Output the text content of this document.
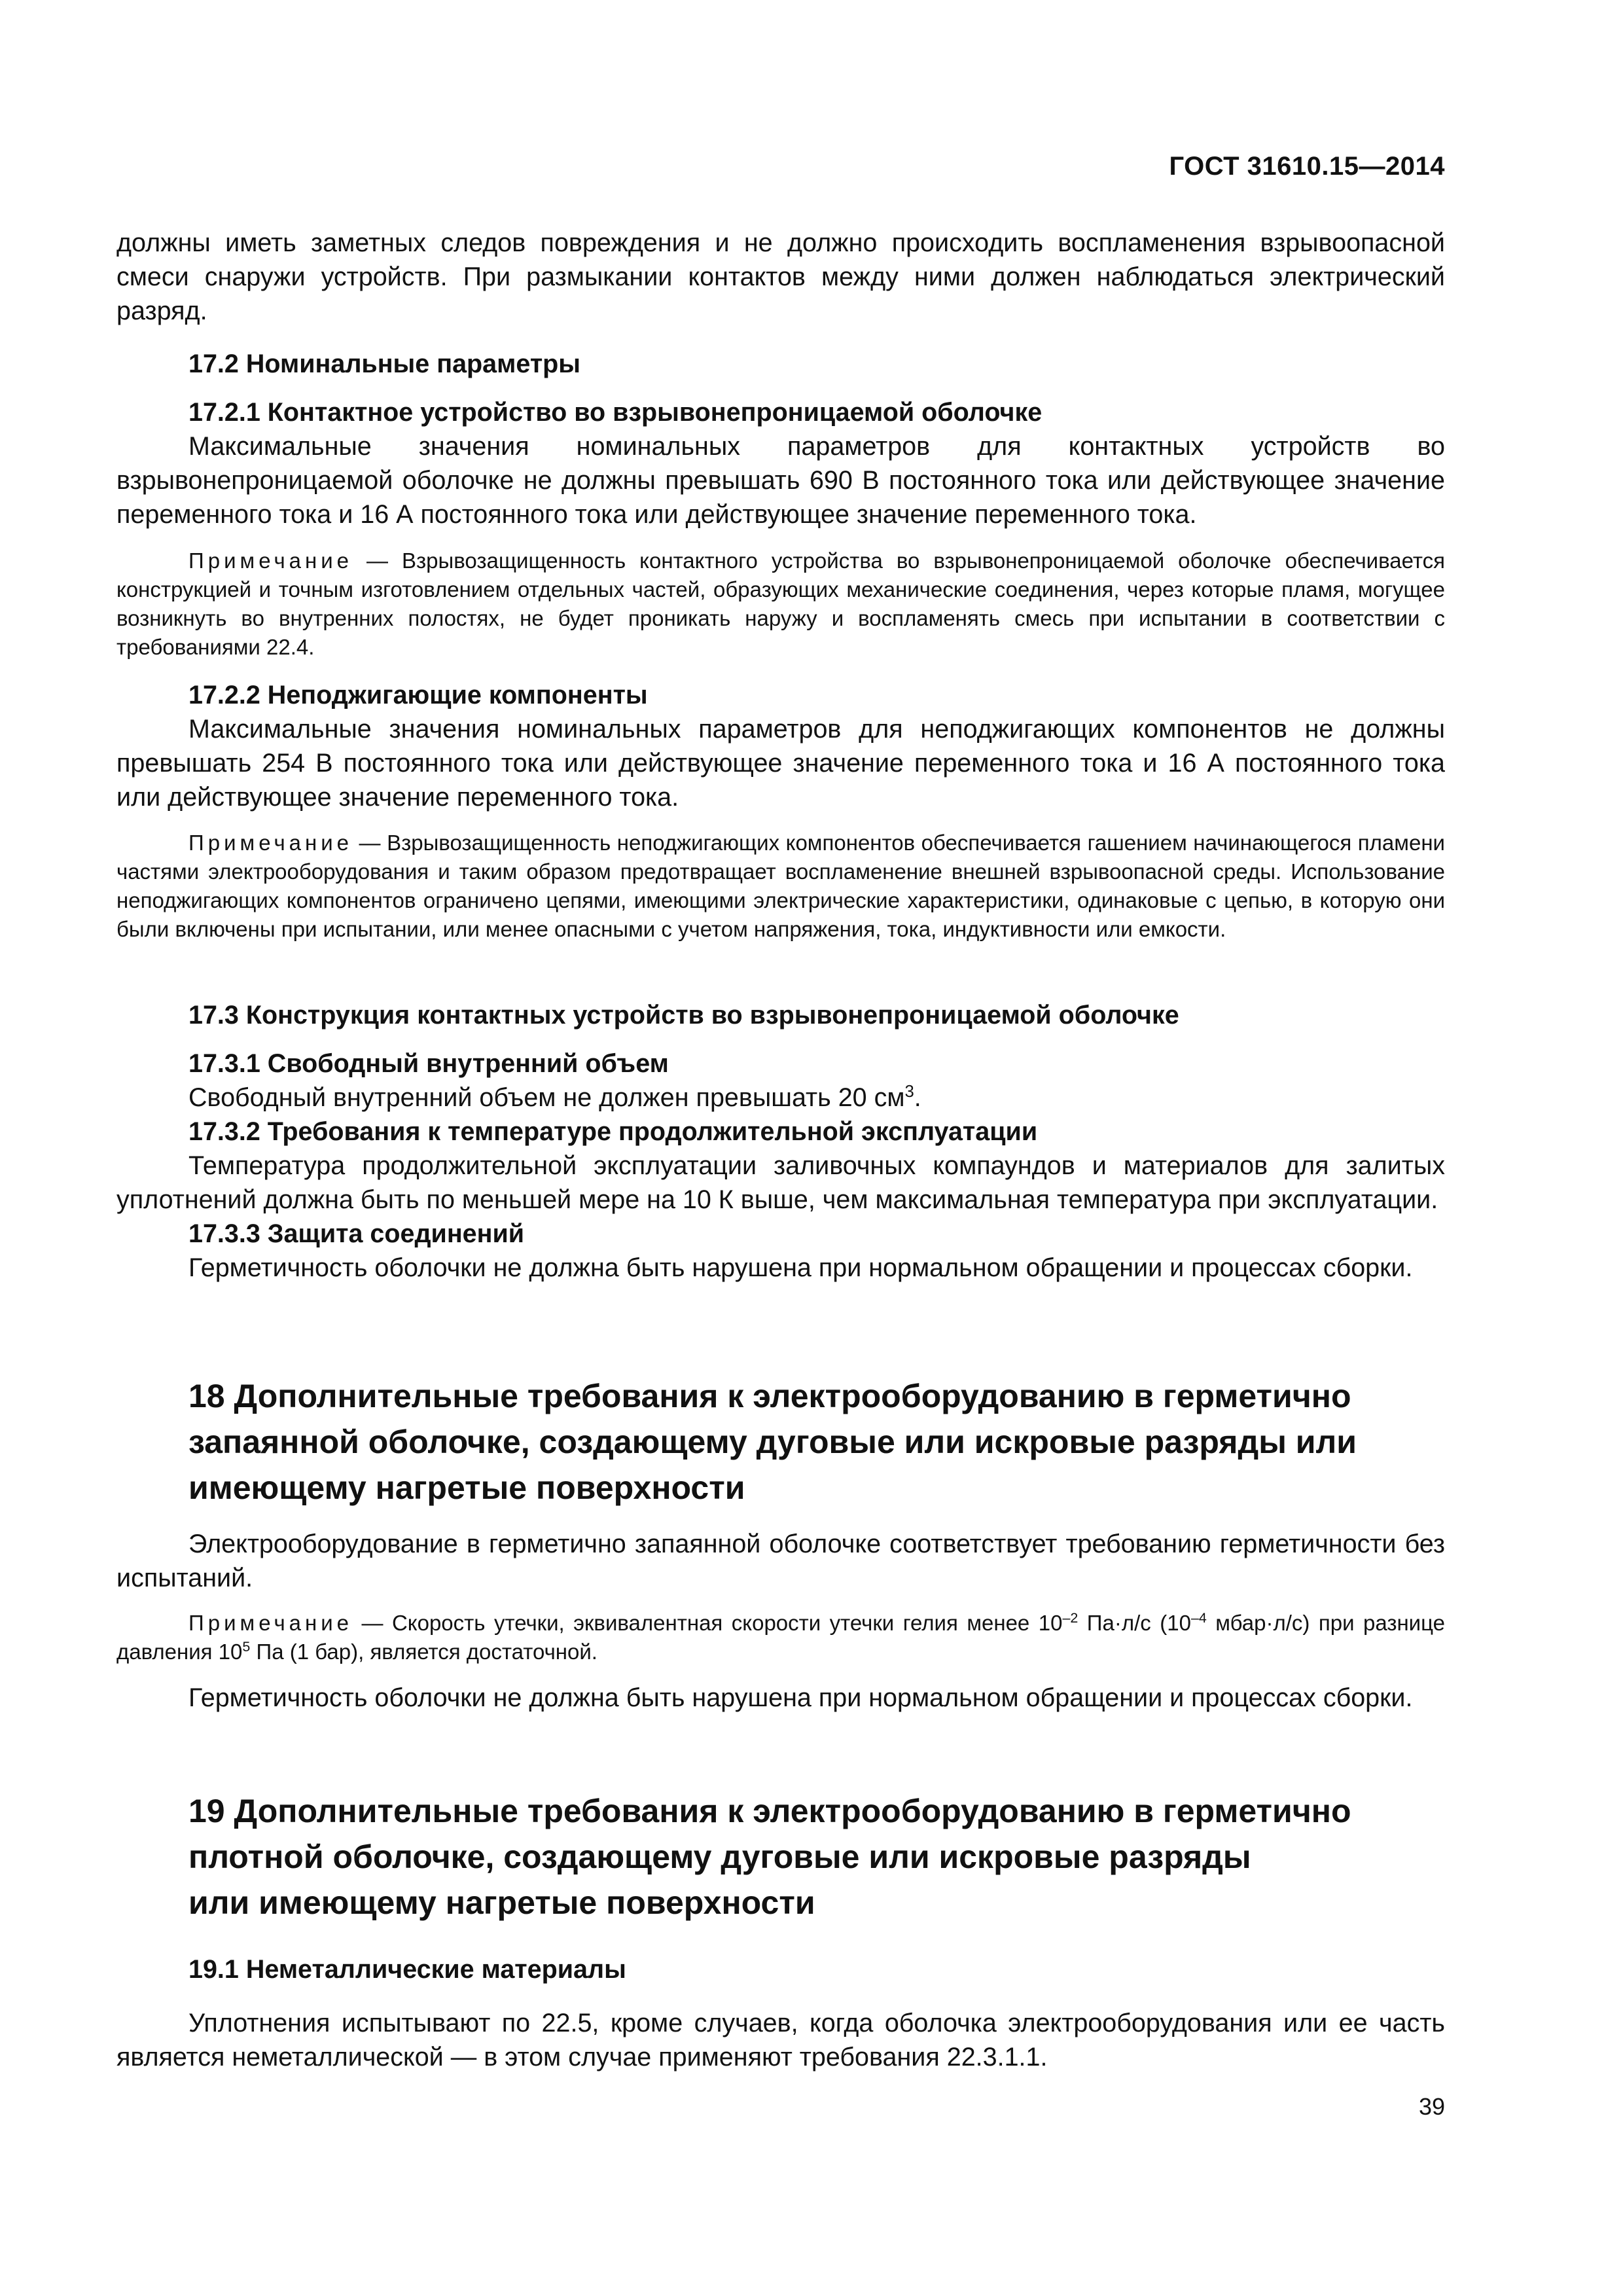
ГОСТ 31610.15—2014

должны иметь заметных следов повреждения и не должно происходить воспламенения взрывоопасной смеси снаружи устройств. При размыкании контактов между ними должен наблюдаться электрический разряд.

17.2 Номинальные параметры

17.2.1 Контактное устройство во взрывонепроницаемой оболочке

Максимальные значения номинальных параметров для контактных устройств во взрывонепроницаемой оболочке не должны превышать 690 В постоянного тока или действующее значение переменного тока и 16 А постоянного тока или действующее значение переменного тока.

Примечание — Взрывозащищенность контактного устройства во взрывонепроницаемой оболочке обеспечивается конструкцией и точным изготовлением отдельных частей, образующих механические соединения, через которые пламя, могущее возникнуть во внутренних полостях, не будет проникать наружу и воспламенять смесь при испытании в соответствии с требованиями 22.4.

17.2.2 Неподжигающие компоненты

Максимальные значения номинальных параметров для неподжигающих компонентов не должны превышать 254 В постоянного тока или действующее значение переменного тока и 16 А постоянного тока или действующее значение переменного тока.

Примечание — Взрывозащищенность неподжигающих компонентов обеспечивается гашением начинающегося пламени частями электрооборудования и таким образом предотвращает воспламенение внешней взрывоопасной среды. Использование неподжигающих компонентов ограничено цепями, имеющими электрические характеристики, одинаковые с цепью, в которую они были включены при испытании, или менее опасными с учетом напряжения, тока, индуктивности или емкости.

17.3 Конструкция контактных устройств во взрывонепроницаемой оболочке

17.3.1 Свободный внутренний объем

Свободный внутренний объем не должен превышать 20 $см^3$.

17.3.2 Требования к температуре продолжительной эксплуатации

Температура продолжительной эксплуатации заливочных компаундов и материалов для залитых уплотнений должна быть по меньшей мере на 10 К выше, чем максимальная температура при эксплуатации.

17.3.3 Защита соединений

Герметичность оболочки не должна быть нарушена при нормальном обращении и процессах сборки.

18 Дополнительные требования к электрооборудованию в герметично

запаянной оболочке, создающему дуговые или искровые разряды или

имеющему нагретые поверхности

Электрооборудование в герметично запаянной оболочке соответствует требованию герметичности без испытаний.

Примечание — Скорость утечки, эквивалентная скорости утечки гелия менее $10^{-2}$ Па·л/с ($10^{-4}$ мбар·л/с) при разнице давления $10^5$ Па (1 бар), является достаточной.

Герметичность оболочки не должна быть нарушена при нормальном обращении и процессах сборки.

19 Дополнительные требования к электрооборудованию в герметично

плотной оболочке, создающему дуговые или искровые разряды

или имеющему нагретые поверхности

19.1 Неметаллические материалы

Уплотнения испытывают по 22.5, кроме случаев, когда оболочка электрооборудования или ее часть является неметаллической — в этом случае применяют требования 22.3.1.1.

39
